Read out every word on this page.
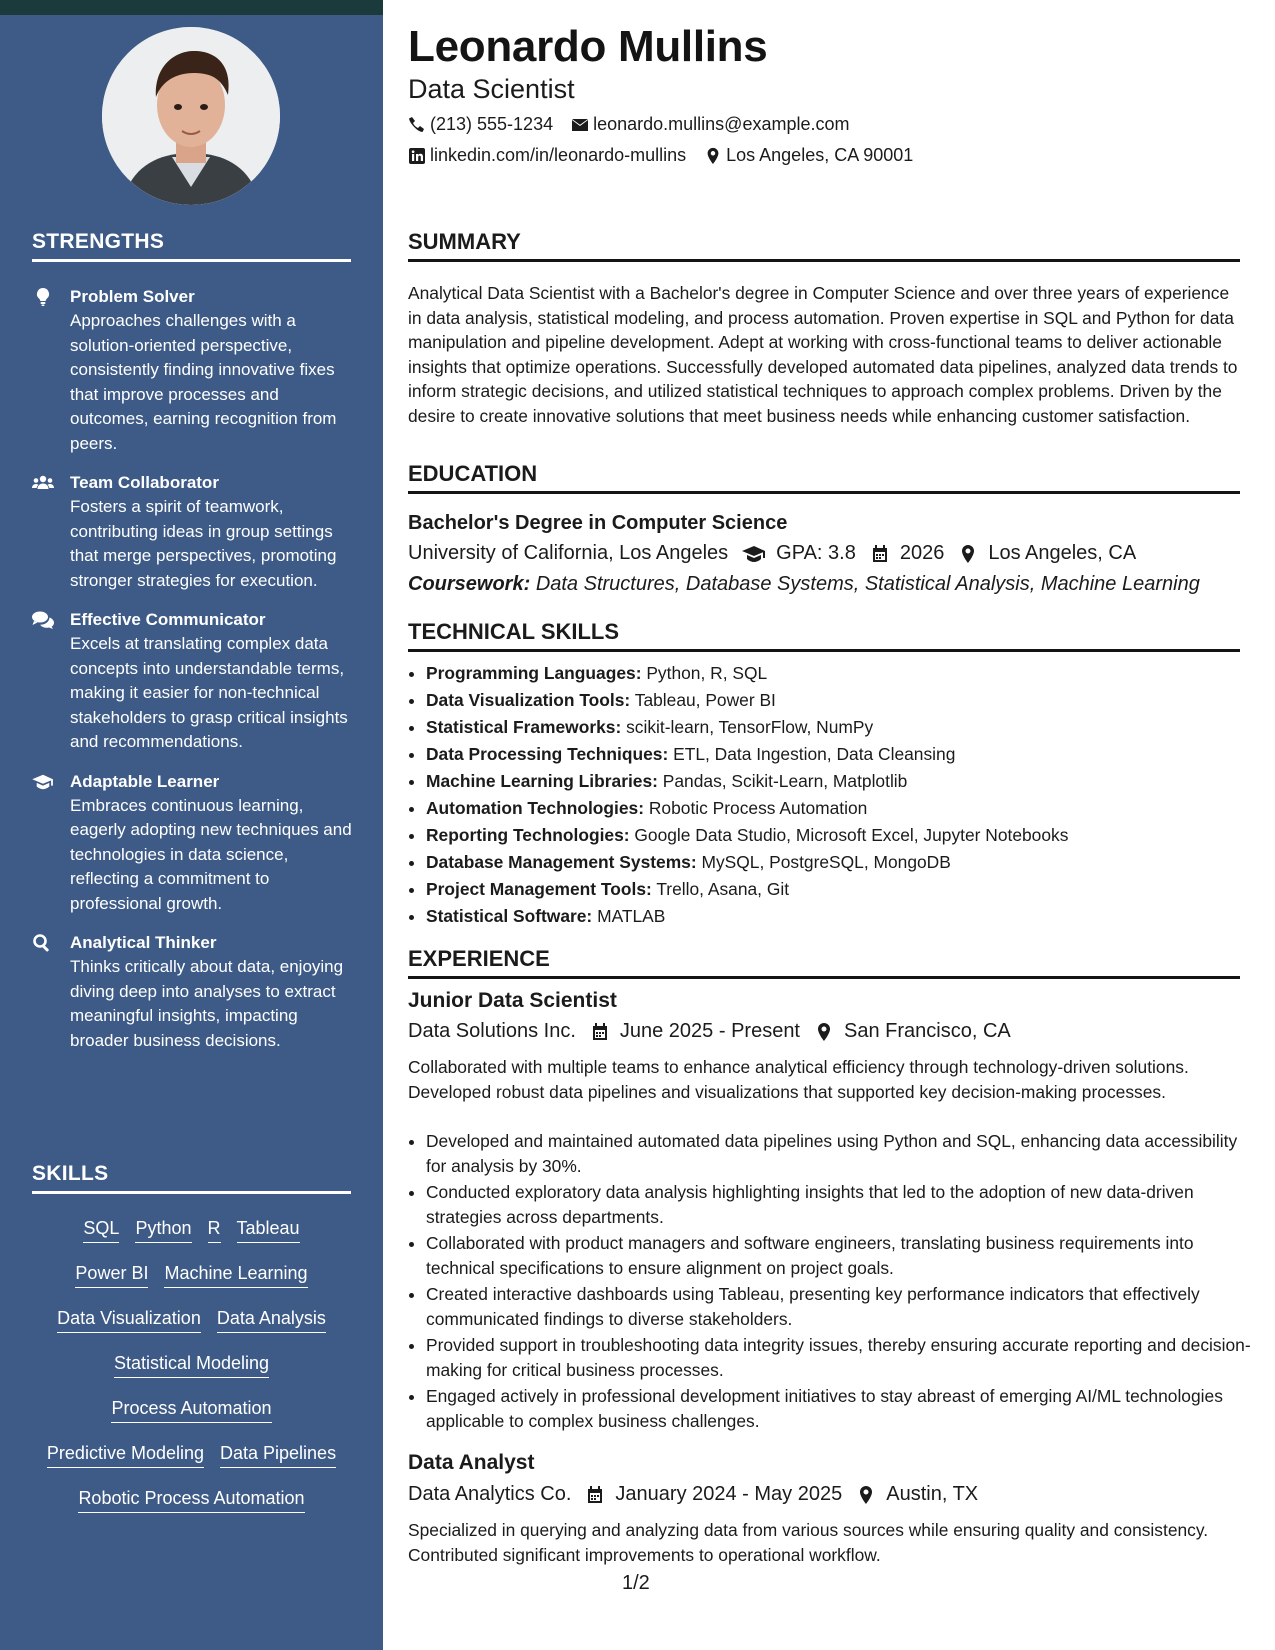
STRENGTHS
Problem Solver
Approaches challenges with a solution-oriented perspective, consistently finding innovative fixes that improve processes and outcomes, earning recognition from peers.
Team Collaborator
Fosters a spirit of teamwork, contributing ideas in group settings that merge perspectives, promoting stronger strategies for execution.
Effective Communicator
Excels at translating complex data concepts into understandable terms, making it easier for non-technical stakeholders to grasp critical insights and recommendations.
Adaptable Learner
Embraces continuous learning, eagerly adopting new techniques and technologies in data science, reflecting a commitment to professional growth.
Analytical Thinker
Thinks critically about data, enjoying diving deep into analyses to extract meaningful insights, impacting broader business decisions.
SKILLS
SQL Python R Tableau
Power BI Machine Learning
Data Visualization Data Analysis
Statistical Modeling
Process Automation
Predictive Modeling Data Pipelines
Robotic Process Automation
Leonardo Mullins
Data Scientist
(213) 555-1234 leonardo.mullins@example.com
linkedin.com/in/leonardo-mullins Los Angeles, CA 90001
SUMMARY

Analytical Data Scientist with a Bachelor's degree in Computer Science and over three years of experience in data analysis, statistical modeling, and process automation. Proven expertise in SQL and Python for data manipulation and pipeline development. Adept at working with cross-functional teams to deliver actionable insights that optimize operations. Successfully developed automated data pipelines, analyzed data trends to inform strategic decisions, and utilized statistical techniques to approach complex problems. Driven by the desire to create innovative solutions that meet business needs while enhancing customer satisfaction.

EDUCATION
Bachelor's Degree in Computer Science
University of California, Los Angeles GPA: 3.8 2026 Los Angeles, CA
Coursework: Data Structures, Database Systems, Statistical Analysis, Machine Learning
TECHNICAL SKILLS
• Programming Languages: Python, R, SQL
• Data Visualization Tools: Tableau, Power BI
• Statistical Frameworks: scikit-learn, TensorFlow, NumPy
• Data Processing Techniques: ETL, Data Ingestion, Data Cleansing
• Machine Learning Libraries: Pandas, Scikit-Learn, Matplotlib
• Automation Technologies: Robotic Process Automation
• Reporting Technologies: Google Data Studio, Microsoft Excel, Jupyter Notebooks
• Database Management Systems: MySQL, PostgreSQL, MongoDB
• Project Management Tools: Trello, Asana, Git
• Statistical Software: MATLAB
EXPERIENCE
Junior Data Scientist
Data Solutions Inc. June 2025 - Present San Francisco, CA

Collaborated with multiple teams to enhance analytical efficiency through technology-driven solutions. Developed robust data pipelines and visualizations that supported key decision-making processes.

• Developed and maintained automated data pipelines using Python and SQL, enhancing data accessibility for analysis by 30%.
• Conducted exploratory data analysis highlighting insights that led to the adoption of new data-driven strategies across departments.
• Collaborated with product managers and software engineers, translating business requirements into technical specifications to ensure alignment on project goals.
• Created interactive dashboards using Tableau, presenting key performance indicators that effectively communicated findings to diverse stakeholders.
• Provided support in troubleshooting data integrity issues, thereby ensuring accurate reporting and decision-making for critical business processes.
• Engaged actively in professional development initiatives to stay abreast of emerging AI/ML technologies applicable to complex business challenges.
Data Analyst
Data Analytics Co. January 2024 - May 2025 Austin, TX

Specialized in querying and analyzing data from various sources while ensuring quality and consistency. Contributed significant improvements to operational workflow.

1/2
